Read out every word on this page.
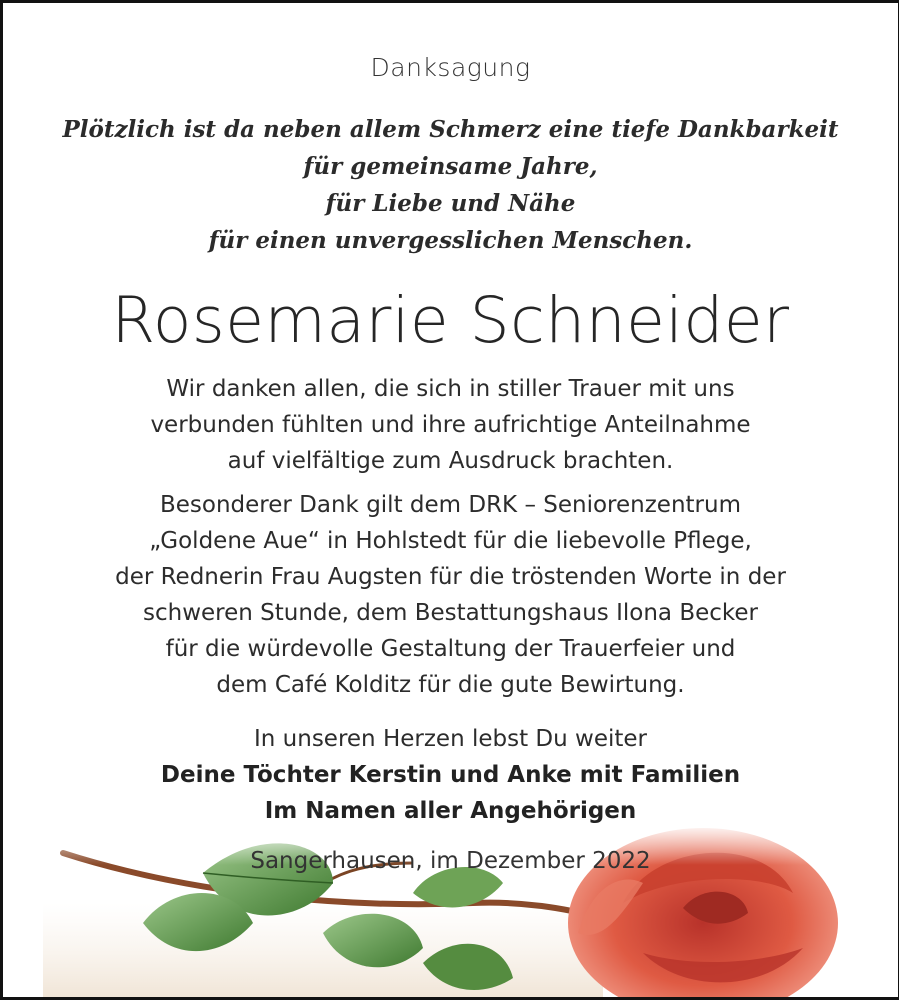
Danksagung
Plötzlich ist da neben allem Schmerz eine tiefe Dankbarkeit
für gemeinsame Jahre,
für Liebe und Nähe
für einen unvergesslichen Menschen.
Rosemarie Schneider
Wir danken allen, die sich in stiller Trauer mit uns
verbunden fühlten und ihre aufrichtige Anteilnahme
auf vielfältige zum Ausdruck brachten.
Besonderer Dank gilt dem DRK – Seniorenzentrum
„Goldene Aue“ in Hohlstedt für die liebevolle Pflege,
der Rednerin Frau Augsten für die tröstenden Worte in der
schweren Stunde, dem Bestattungshaus Ilona Becker
für die würdevolle Gestaltung der Trauerfeier und
dem Café Kolditz für die gute Bewirtung.
In unseren Herzen lebst Du weiter
Deine Töchter Kerstin und Anke mit Familien
Im Namen aller Angehörigen
Sangerhausen, im Dezember 2022
